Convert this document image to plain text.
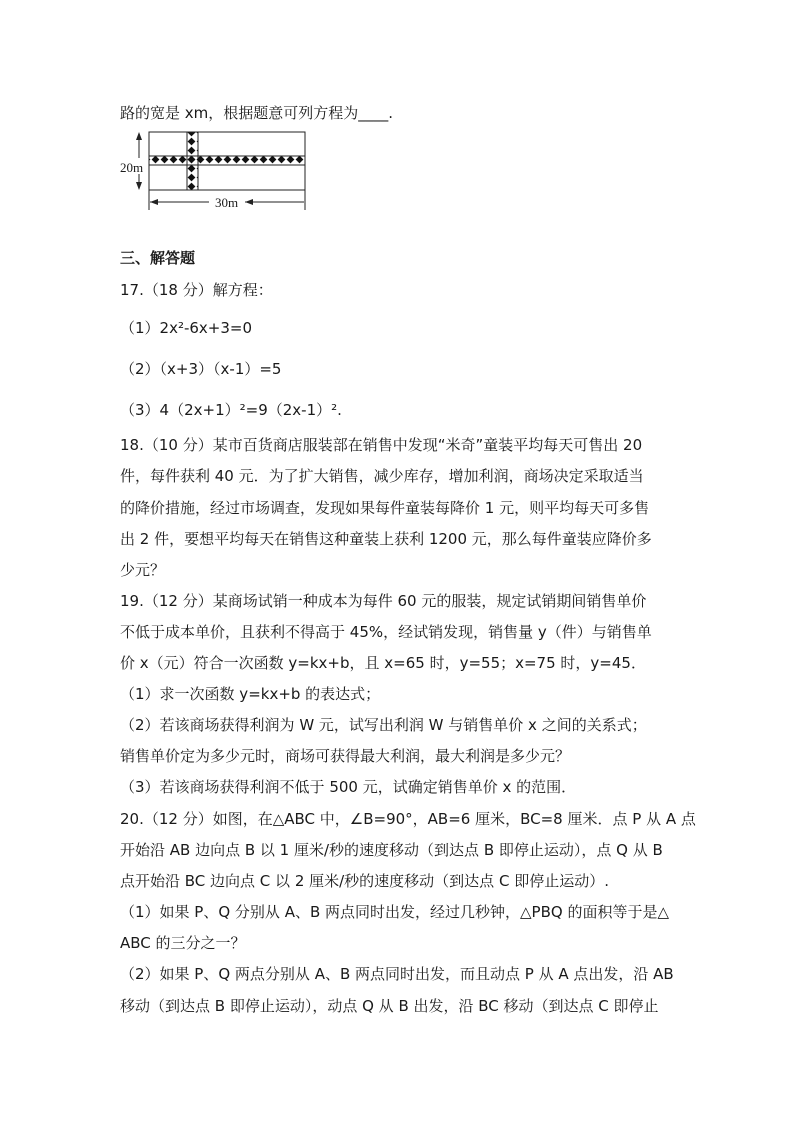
路的宽是 xm，根据题意可列方程为____.
20m
30m
三、解答题
17.（18 分）解方程：
（1）2x²-6x+3=0
（2）（x+3）（x-1）=5
（3）4（2x+1）²=9（2x-1）².
18.（10 分）某市百货商店服装部在销售中发现“米奇”童装平均每天可售出 20
件，每件获利 40 元．为了扩大销售，减少库存，增加利润，商场决定采取适当
的降价措施，经过市场调查，发现如果每件童装每降价 1 元，则平均每天可多售
出 2 件，要想平均每天在销售这种童装上获利 1200 元，那么每件童装应降价多
少元？
19.（12 分）某商场试销一种成本为每件 60 元的服装，规定试销期间销售单价
不低于成本单价，且获利不得高于 45%，经试销发现，销售量 y（件）与销售单
价 x（元）符合一次函数 y=kx+b，且 x=65 时，y=55；x=75 时，y=45．
（1）求一次函数 y=kx+b 的表达式；
（2）若该商场获得利润为 W 元，试写出利润 W 与销售单价 x 之间的关系式；
销售单价定为多少元时，商场可获得最大利润，最大利润是多少元？
（3）若该商场获得利润不低于 500 元，试确定销售单价 x 的范围．
20.（12 分）如图，在△ABC 中，∠B=90°，AB=6 厘米，BC=8 厘米．点 P 从 A 点
开始沿 AB 边向点 B 以 1 厘米/秒的速度移动（到达点 B 即停止运动），点 Q 从 B
点开始沿 BC 边向点 C 以 2 厘米/秒的速度移动（到达点 C 即停止运动）.
（1）如果 P、Q 分别从 A、B 两点同时出发，经过几秒钟，△PBQ 的面积等于是△
ABC 的三分之一？
（2）如果 P、Q 两点分别从 A、B 两点同时出发，而且动点 P 从 A 点出发，沿 AB
移动（到达点 B 即停止运动），动点 Q 从 B 出发，沿 BC 移动（到达点 C 即停止
